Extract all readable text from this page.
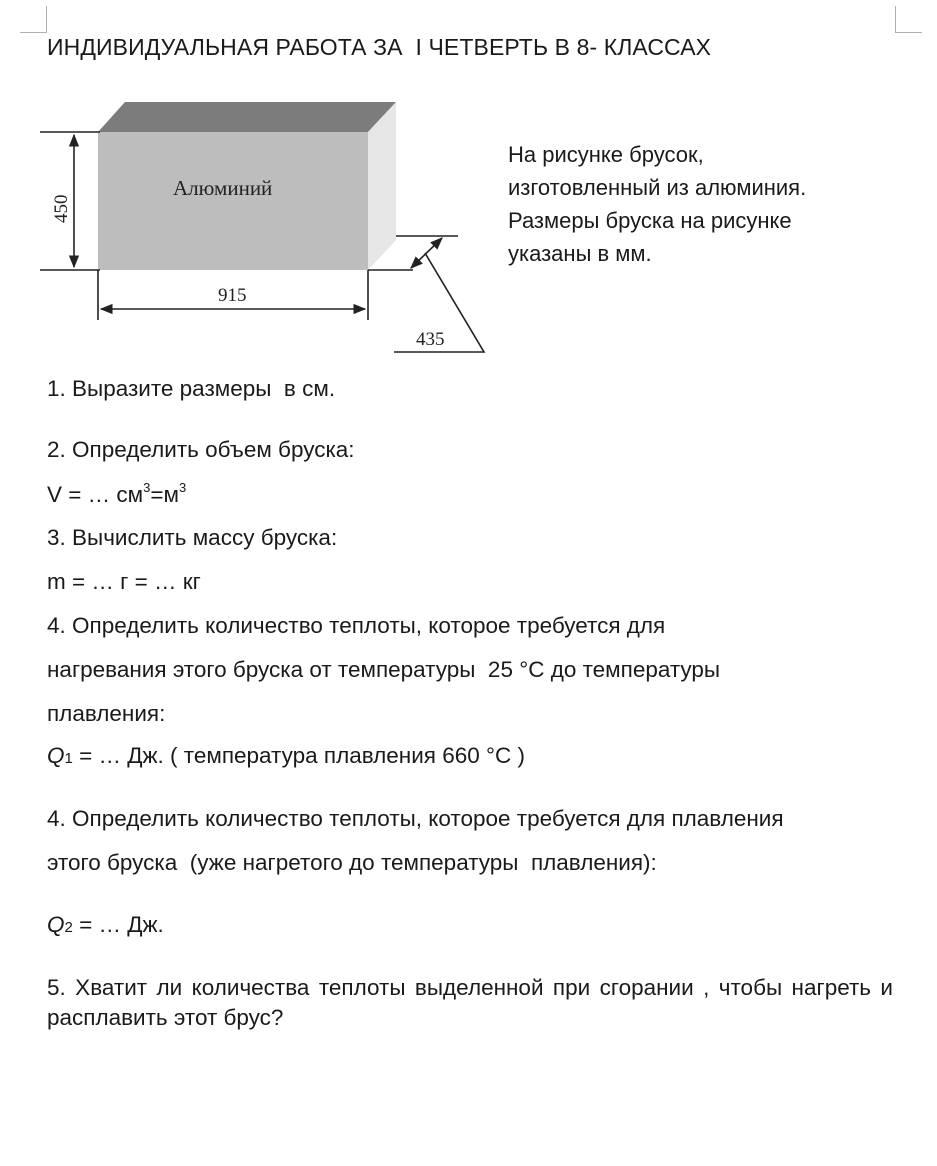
ИНДИВИДУАЛЬНАЯ РАБОТА ЗА  I ЧЕТВЕРТЬ В 8- КЛАССАХ
Алюминий
450
915
435
На рисунке брусок,
изготовленный из алюминия.
Размеры бруска на рисунке
указаны в мм.
1. Выразите размеры  в см.
2. Определить объем бруска:
V = … $см^3=м^3$
3. Вычислить массу бруска:
m = … г = … кг
4. Определить количество теплоты, которое требуется для
нагревания этого бруска от температуры  25 °С до температуры
плавления:
Q1 = … Дж. ( температура плавления 660 °С )
4. Определить количество теплоты, которое требуется для плавления
этого бруска  (уже нагретого до температуры  плавления):
Q2 = … Дж.
5. Хватит ли количества теплоты выделенной при сгорании , чтобы нагреть и расплавить этот брус?
